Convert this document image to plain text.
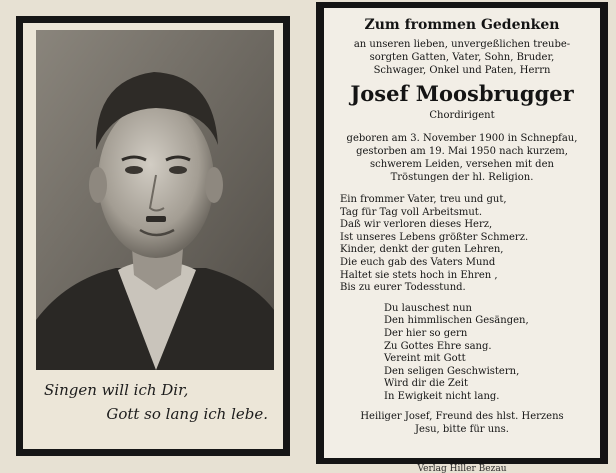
Singen will ich Dir,
Gott so lang ich lebe.
Zum frommen Gedenken
an unseren lieben, unvergeßlichen treube-
sorgten Gatten, Vater, Sohn, Bruder,
Schwager, Onkel und Paten, Herrn
Josef Moosbrugger
Chordirigent
geboren am 3. November 1900 in Schnepfau,
gestorben am 19. Mai 1950 nach kurzem,
schwerem Leiden, versehen mit den
Tröstungen der hl. Religion.
Ein frommer Vater, treu und gut,
Tag für Tag voll Arbeitsmut.
Daß wir verloren dieses Herz,
Ist unseres Lebens größter Schmerz.
Kinder, denkt der guten Lehren,
Die euch gab des Vaters Mund
Haltet sie stets hoch in Ehren ,
Bis zu eurer Todesstund.
Du lauschest nun
Den himmlischen Gesängen,
Der hier so gern
Zu Gottes Ehre sang.
Vereint mit Gott
Den seligen Geschwistern,
Wird dir die Zeit
In Ewigkeit nicht lang.
Heiliger Josef, Freund des hlst. Herzens
Jesu, bitte für uns.
Verlag Hiller Bezau
